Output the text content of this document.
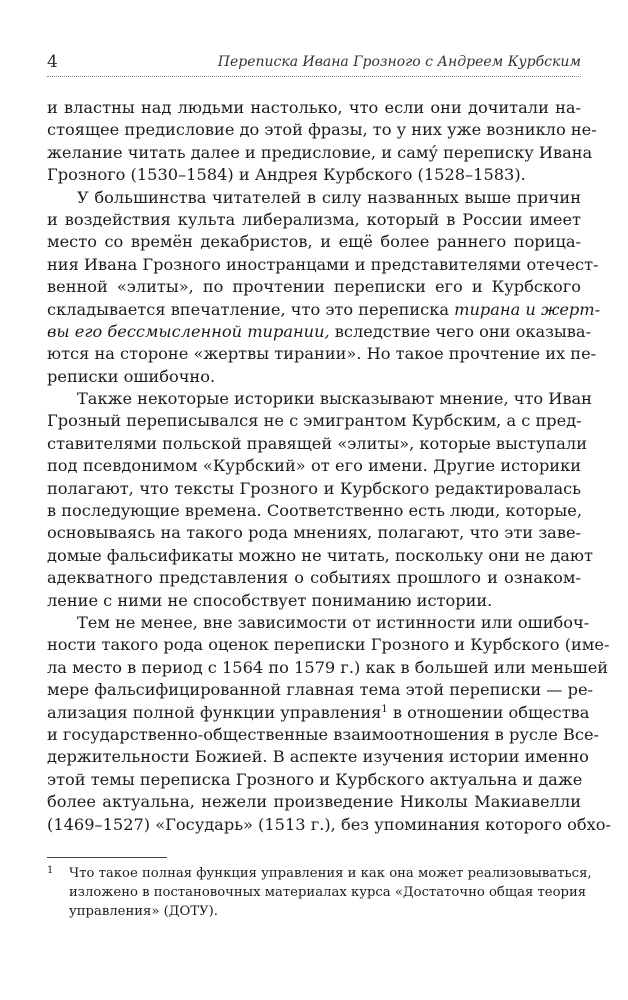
4	Переписка Ивана Грозного с Андреем Курбским
и властны над людьми настолько, что если они дочитали на-
стоящее предисловие до этой фразы, то у них уже возникло не-
желание читать далее и предисловие, и саму́ переписку Ивана
Грозного (1530–1584) и Андрея Курбского (1528–1583).
У большинства читателей в силу названных выше причин
и воздействия культа либерализма, который в России имеет
место со времён декабристов, и ещё более раннего порица-
ния Ивана Грозного иностранцами и представителями отечест-
венной «элиты», по прочтении переписки его и Курбского
складывается впечатление, что это переписка тирана и жерт-
вы его бессмысленной тирании, вследствие чего они оказыва-
ются на стороне «жертвы тирании». Но такое прочтение их пе-
реписки ошибочно.
Также некоторые историки высказывают мнение, что Иван
Грозный переписывался не с эмигрантом Курбским, а с пред-
ставителями польской правящей «элиты», которые выступали
под псевдонимом «Курбский» от его имени. Другие историки
полагают, что тексты Грозного и Курбского редактировалась
в последующие времена. Соответственно есть люди, которые,
основываясь на такого рода мнениях, полагают, что эти заве-
домые фальсификаты можно не читать, поскольку они не дают
адекватного представления о событиях прошлого и ознаком-
ление с ними не способствует пониманию истории.
Тем не менее, вне зависимости от истинности или ошибоч-
ности такого рода оценок переписки Грозного и Курбского (име-
ла место в период с 1564 по 1579 г.) как в большей или меньшей
мере фальсифицированной главная тема этой переписки — ре-
ализация полной функции управления$^1$ в отношении общества
и государственно-общественные взаимоотношения в русле Все-
держительности Божией. В аспекте изучения истории именно
этой темы переписка Грозного и Курбского актуальна и даже
более актуальна, нежели произведение Николы Макиавелли
(1469–1527) «Государь» (1513 г.), без упоминания которого обхо-
1	Что такое полная функция управления и как она может реализовываться,
изложено в постановочных материалах курса «Достаточно общая теория
управления» (ДОТУ).
